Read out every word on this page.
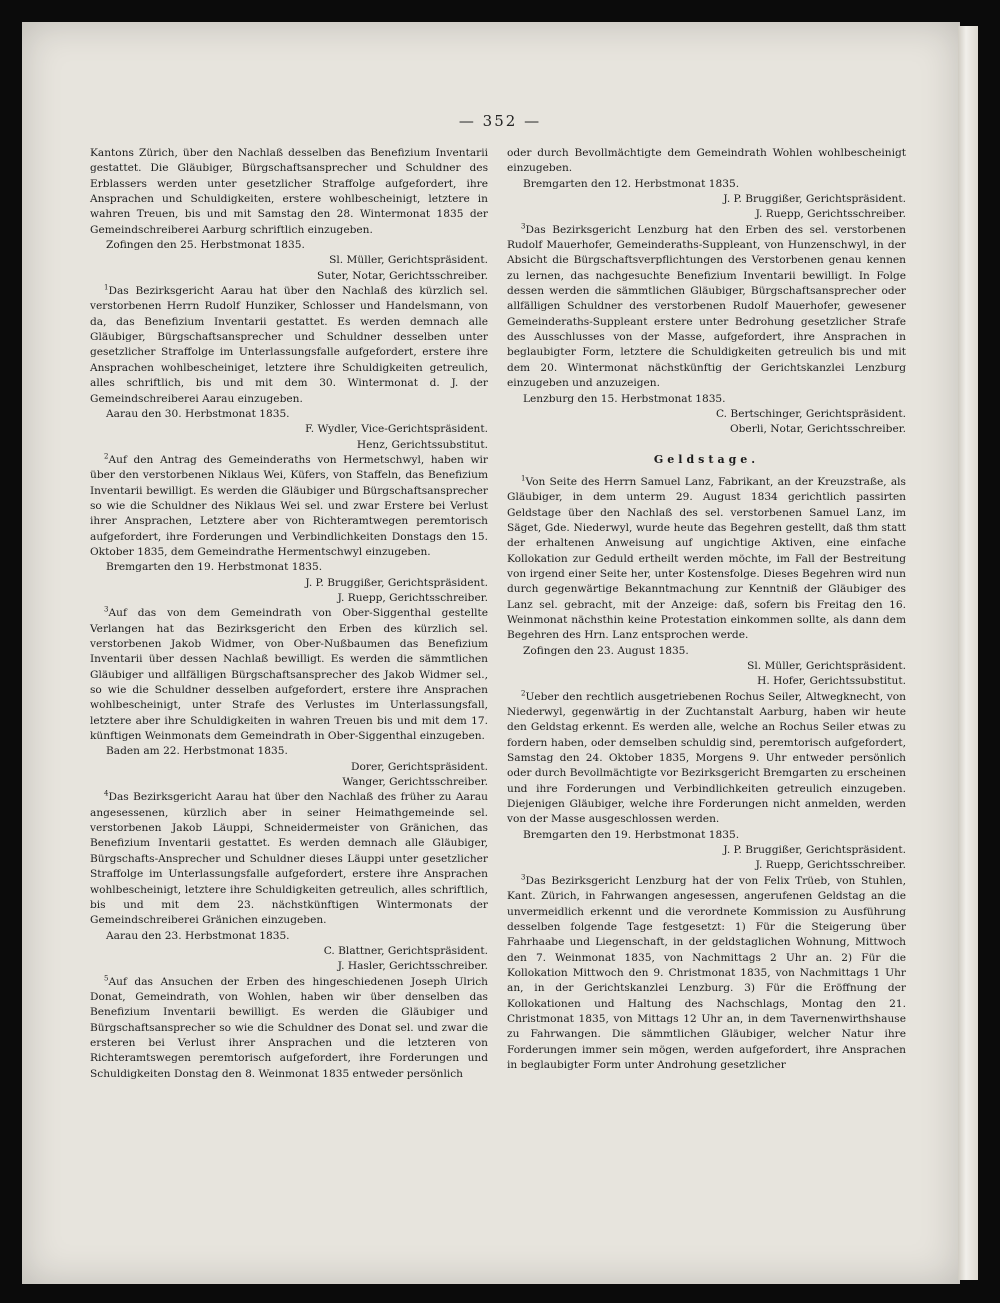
— 352 —

Kantons Zürich, über den Nachlaß desselben das Benefizium Inventarii gestattet. Die Gläubiger, Bürgschaftsansprecher und Schuldner des Erblassers werden unter gesetzlicher Straffolge aufgefordert, ihre Ansprachen und Schuldigkeiten, erstere wohlbescheinigt, letztere in wahren Treuen, bis und mit Samstag den 28. Wintermonat 1835 der Gemeindschreiberei Aarburg schriftlich einzugeben.

Zofingen den 25. Herbstmonat 1835.

Sl. Müller, Gerichtspräsident.

Suter, Notar, Gerichtsschreiber.

$^1$Das Bezirksgericht Aarau hat über den Nachlaß des kürzlich sel. verstorbenen Herrn Rudolf Hunziker, Schlosser und Handelsmann, von da, das Benefizium Inventarii gestattet. Es werden demnach alle Gläubiger, Bürgschaftsansprecher und Schuldner desselben unter gesetzlicher Straffolge im Unterlassungsfalle aufgefordert, erstere ihre Ansprachen wohlbescheiniget, letztere ihre Schuldigkeiten getreulich, alles schriftlich, bis und mit dem 30. Wintermonat d. J. der Gemeindschreiberei Aarau einzugeben.

Aarau den 30. Herbstmonat 1835.

F. Wydler, Vice-Gerichtspräsident.

Henz, Gerichtssubstitut.

$^2$Auf den Antrag des Gemeinderaths von Hermetschwyl, haben wir über den verstorbenen Niklaus Wei, Küfers, von Staffeln, das Benefizium Inventarii bewilligt. Es werden die Gläubiger und Bürgschaftsansprecher so wie die Schuldner des Niklaus Wei sel. und zwar Erstere bei Verlust ihrer Ansprachen, Letztere aber von Richteramtwegen peremtorisch aufgefordert, ihre Forderungen und Verbindlichkeiten Donstags den 15. Oktober 1835, dem Gemeindrathe Hermentschwyl einzugeben.

Bremgarten den 19. Herbstmonat 1835.

J. P. Bruggißer, Gerichtspräsident.

J. Ruepp, Gerichtsschreiber.

$^3$Auf das von dem Gemeindrath von Ober-Siggenthal gestellte Verlangen hat das Bezirksgericht den Erben des kürzlich sel. verstorbenen Jakob Widmer, von Ober-Nußbaumen das Benefizium Inventarii über dessen Nachlaß bewilligt. Es werden die sämmtlichen Gläubiger und allfälligen Bürgschaftsansprecher des Jakob Widmer sel., so wie die Schuldner desselben aufgefordert, erstere ihre Ansprachen wohlbescheinigt, unter Strafe des Verlustes im Unterlassungsfall, letztere aber ihre Schuldigkeiten in wahren Treuen bis und mit dem 17. künftigen Weinmonats dem Gemeindrath in Ober-Siggenthal einzugeben.

Baden am 22. Herbstmonat 1835.

Dorer, Gerichtspräsident.

Wanger, Gerichtsschreiber.

$^4$Das Bezirksgericht Aarau hat über den Nachlaß des früher zu Aarau angesessenen, kürzlich aber in seiner Heimathgemeinde sel. verstorbenen Jakob Läuppi, Schneidermeister von Gränichen, das Benefizium Inventarii gestattet. Es werden demnach alle Gläubiger, Bürgschafts-Ansprecher und Schuldner dieses Läuppi unter gesetzlicher Straffolge im Unterlassungsfalle aufgefordert, erstere ihre Ansprachen wohlbescheinigt, letztere ihre Schuldigkeiten getreulich, alles schriftlich, bis und mit dem 23. nächstkünftigen Wintermonats der Gemeindschreiberei Gränichen einzugeben.

Aarau den 23. Herbstmonat 1835.

C. Blattner, Gerichtspräsident.

J. Hasler, Gerichtsschreiber.

$^5$Auf das Ansuchen der Erben des hingeschiedenen Joseph Ulrich Donat, Gemeindrath, von Wohlen, haben wir über denselben das Benefizium Inventarii bewilligt. Es werden die Gläubiger und Bürgschaftsansprecher so wie die Schuldner des Donat sel. und zwar die ersteren bei Verlust ihrer Ansprachen und die letzteren von Richteramtswegen peremtorisch aufgefordert, ihre Forderungen und Schuldigkeiten Donstag den 8. Weinmonat 1835 entweder persönlich

oder durch Bevollmächtigte dem Gemeindrath Wohlen wohlbescheinigt einzugeben.

Bremgarten den 12. Herbstmonat 1835.

J. P. Bruggißer, Gerichtspräsident.

J. Ruepp, Gerichtsschreiber.

$^3$Das Bezirksgericht Lenzburg hat den Erben des sel. verstorbenen Rudolf Mauerhofer, Gemeinderaths-Suppleant, von Hunzenschwyl, in der Absicht die Bürgschaftsverpflichtungen des Verstorbenen genau kennen zu lernen, das nachgesuchte Benefizium Inventarii bewilligt. In Folge dessen werden die sämmtlichen Gläubiger, Bürgschaftsansprecher oder allfälligen Schuldner des verstorbenen Rudolf Mauerhofer, gewesener Gemeinderaths-Suppleant erstere unter Bedrohung gesetzlicher Strafe des Ausschlusses von der Masse, aufgefordert, ihre Ansprachen in beglaubigter Form, letztere die Schuldigkeiten getreulich bis und mit dem 20. Wintermonat nächstkünftig der Gerichtskanzlei Lenzburg einzugeben und anzuzeigen.

Lenzburg den 15. Herbstmonat 1835.

C. Bertschinger, Gerichtspräsident.

Oberli, Notar, Gerichtsschreiber.

Geldstage.

$^1$Von Seite des Herrn Samuel Lanz, Fabrikant, an der Kreuzstraße, als Gläubiger, in dem unterm 29. August 1834 gerichtlich passirten Geldstage über den Nachlaß des sel. verstorbenen Samuel Lanz, im Säget, Gde. Niederwyl, wurde heute das Begehren gestellt, daß thm statt der erhaltenen Anweisung auf ungichtige Aktiven, eine einfache Kollokation zur Geduld ertheilt werden möchte, im Fall der Bestreitung von irgend einer Seite her, unter Kostensfolge. Dieses Begehren wird nun durch gegenwärtige Bekanntmachung zur Kenntniß der Gläubiger des Lanz sel. gebracht, mit der Anzeige: daß, sofern bis Freitag den 16. Weinmonat nächsthin keine Protestation einkommen sollte, als dann dem Begehren des Hrn. Lanz entsprochen werde.

Zofingen den 23. August 1835.

Sl. Müller, Gerichtspräsident.

H. Hofer, Gerichtssubstitut.

$^2$Ueber den rechtlich ausgetriebenen Rochus Seiler, Altwegknecht, von Niederwyl, gegenwärtig in der Zuchtanstalt Aarburg, haben wir heute den Geldstag erkennt. Es werden alle, welche an Rochus Seiler etwas zu fordern haben, oder demselben schuldig sind, peremtorisch aufgefordert, Samstag den 24. Oktober 1835, Morgens 9. Uhr entweder persönlich oder durch Bevollmächtigte vor Bezirksgericht Bremgarten zu erscheinen und ihre Forderungen und Verbindlichkeiten getreulich einzugeben. Diejenigen Gläubiger, welche ihre Forderungen nicht anmelden, werden von der Masse ausgeschlossen werden.

Bremgarten den 19. Herbstmonat 1835.

J. P. Bruggißer, Gerichtspräsident.

J. Ruepp, Gerichtsschreiber.

$^3$Das Bezirksgericht Lenzburg hat der von Felix Trüeb, von Stuhlen, Kant. Zürich, in Fahrwangen angesessen, angerufenen Geldstag an die unvermeidlich erkennt und die verordnete Kommission zu Ausführung desselben folgende Tage festgesetzt: 1) Für die Steigerung über Fahrhaabe und Liegenschaft, in der geldstaglichen Wohnung, Mittwoch den 7. Weinmonat 1835, von Nachmittags 2 Uhr an. 2) Für die Kollokation Mittwoch den 9. Christmonat 1835, von Nachmittags 1 Uhr an, in der Gerichtskanzlei Lenzburg. 3) Für die Eröffnung der Kollokationen und Haltung des Nachschlags, Montag den 21. Christmonat 1835, von Mittags 12 Uhr an, in dem Tavernenwirthshause zu Fahrwangen. Die sämmtlichen Gläubiger, welcher Natur ihre Forderungen immer sein mögen, werden aufgefordert, ihre Ansprachen in beglaubigter Form unter Androhung gesetzlicher
